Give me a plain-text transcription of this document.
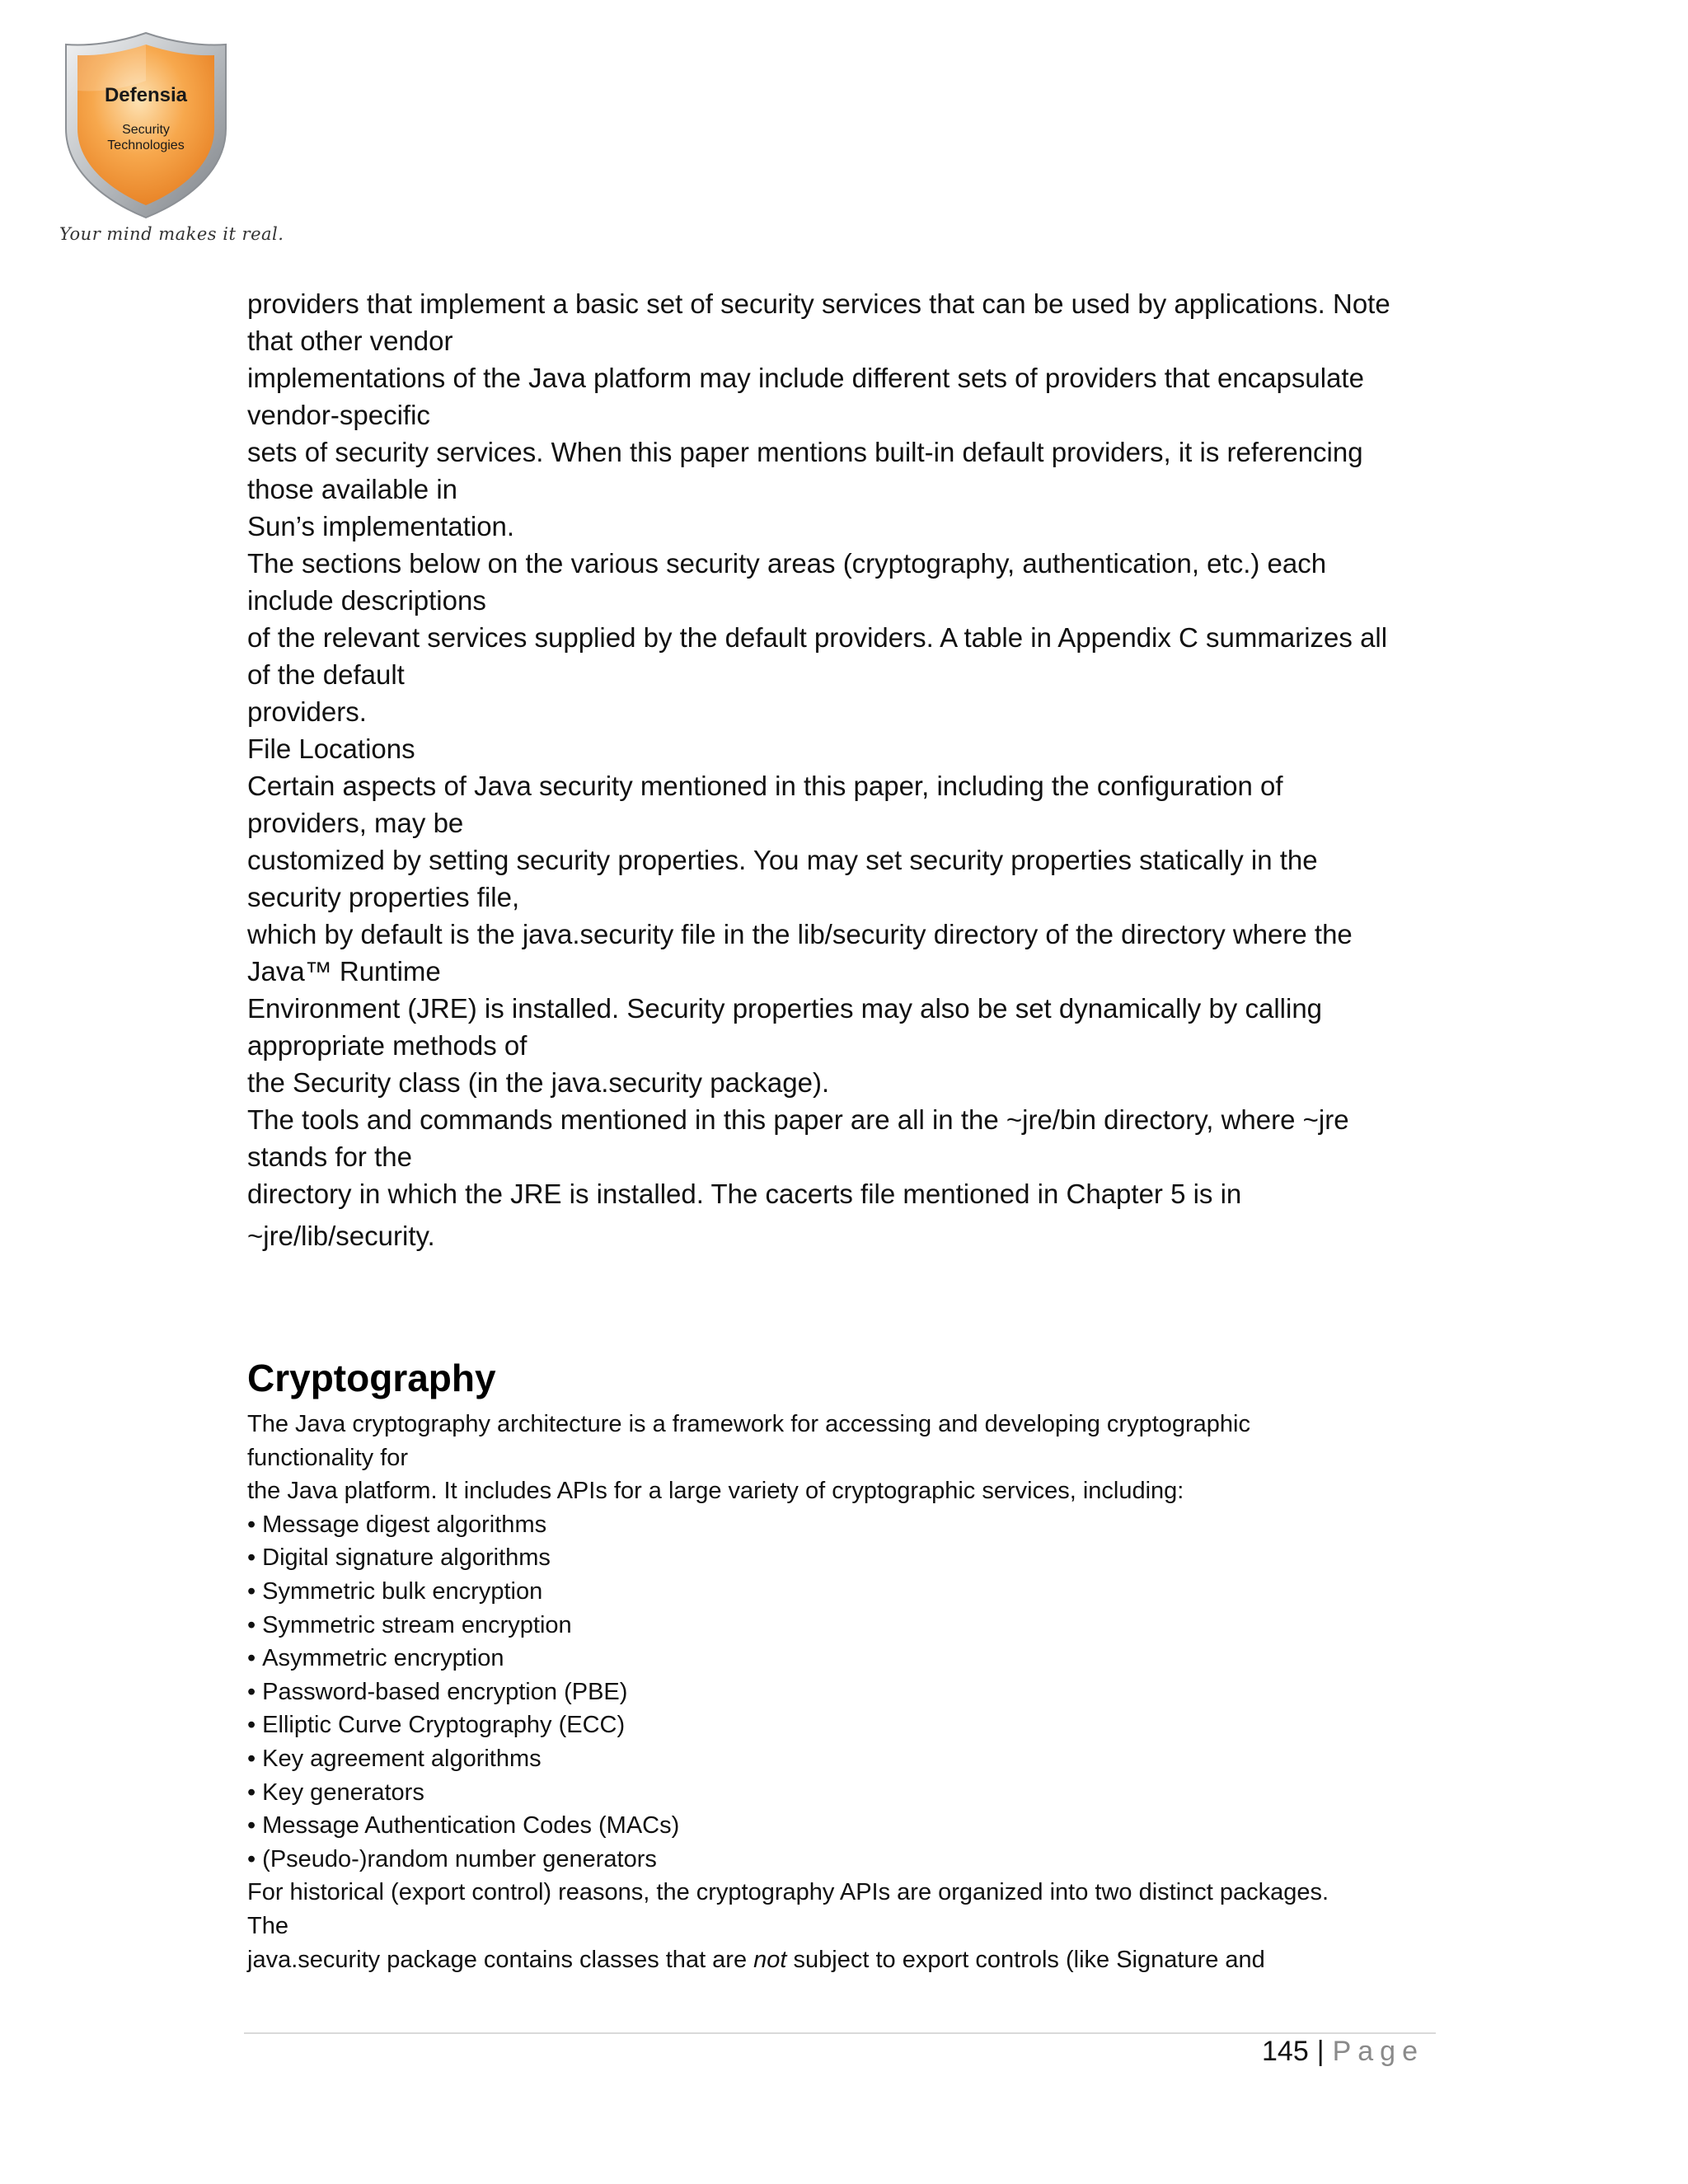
Defensia
Security
Technologies
Your mind makes it real.
providers that implement a basic set of security services that can be used by applications. Note
that other vendor
implementations of the Java platform may include different sets of providers that encapsulate
vendor-specific
sets of security services. When this paper mentions built-in default providers, it is referencing
those available in
Sun’s implementation.
The sections below on the various security areas (cryptography, authentication, etc.) each
include descriptions
of the relevant services supplied by the default providers. A table in Appendix C summarizes all
of the default
providers.
File Locations
Certain aspects of Java security mentioned in this paper, including the configuration of
providers, may be
customized by setting security properties. You may set security properties statically in the
security properties file,
which by default is the java.security file in the lib/security directory of the directory where the
Java™ Runtime
Environment (JRE) is installed. Security properties may also be set dynamically by calling
appropriate methods of
the Security class (in the java.security package).
The tools and commands mentioned in this paper are all in the ~jre/bin directory, where ~jre
stands for the
directory in which the JRE is installed. The cacerts file mentioned in Chapter 5 is in
~jre/lib/security.
Cryptography
The Java cryptography architecture is a framework for accessing and developing cryptographic
functionality for
the Java platform. It includes APIs for a large variety of cryptographic services, including:
• Message digest algorithms
• Digital signature algorithms
• Symmetric bulk encryption
• Symmetric stream encryption
• Asymmetric encryption
• Password-based encryption (PBE)
• Elliptic Curve Cryptography (ECC)
• Key agreement algorithms
• Key generators
• Message Authentication Codes (MACs)
• (Pseudo-)random number generators
For historical (export control) reasons, the cryptography APIs are organized into two distinct packages.
The
java.security package contains classes that are not subject to export controls (like Signature and
145 | Page
